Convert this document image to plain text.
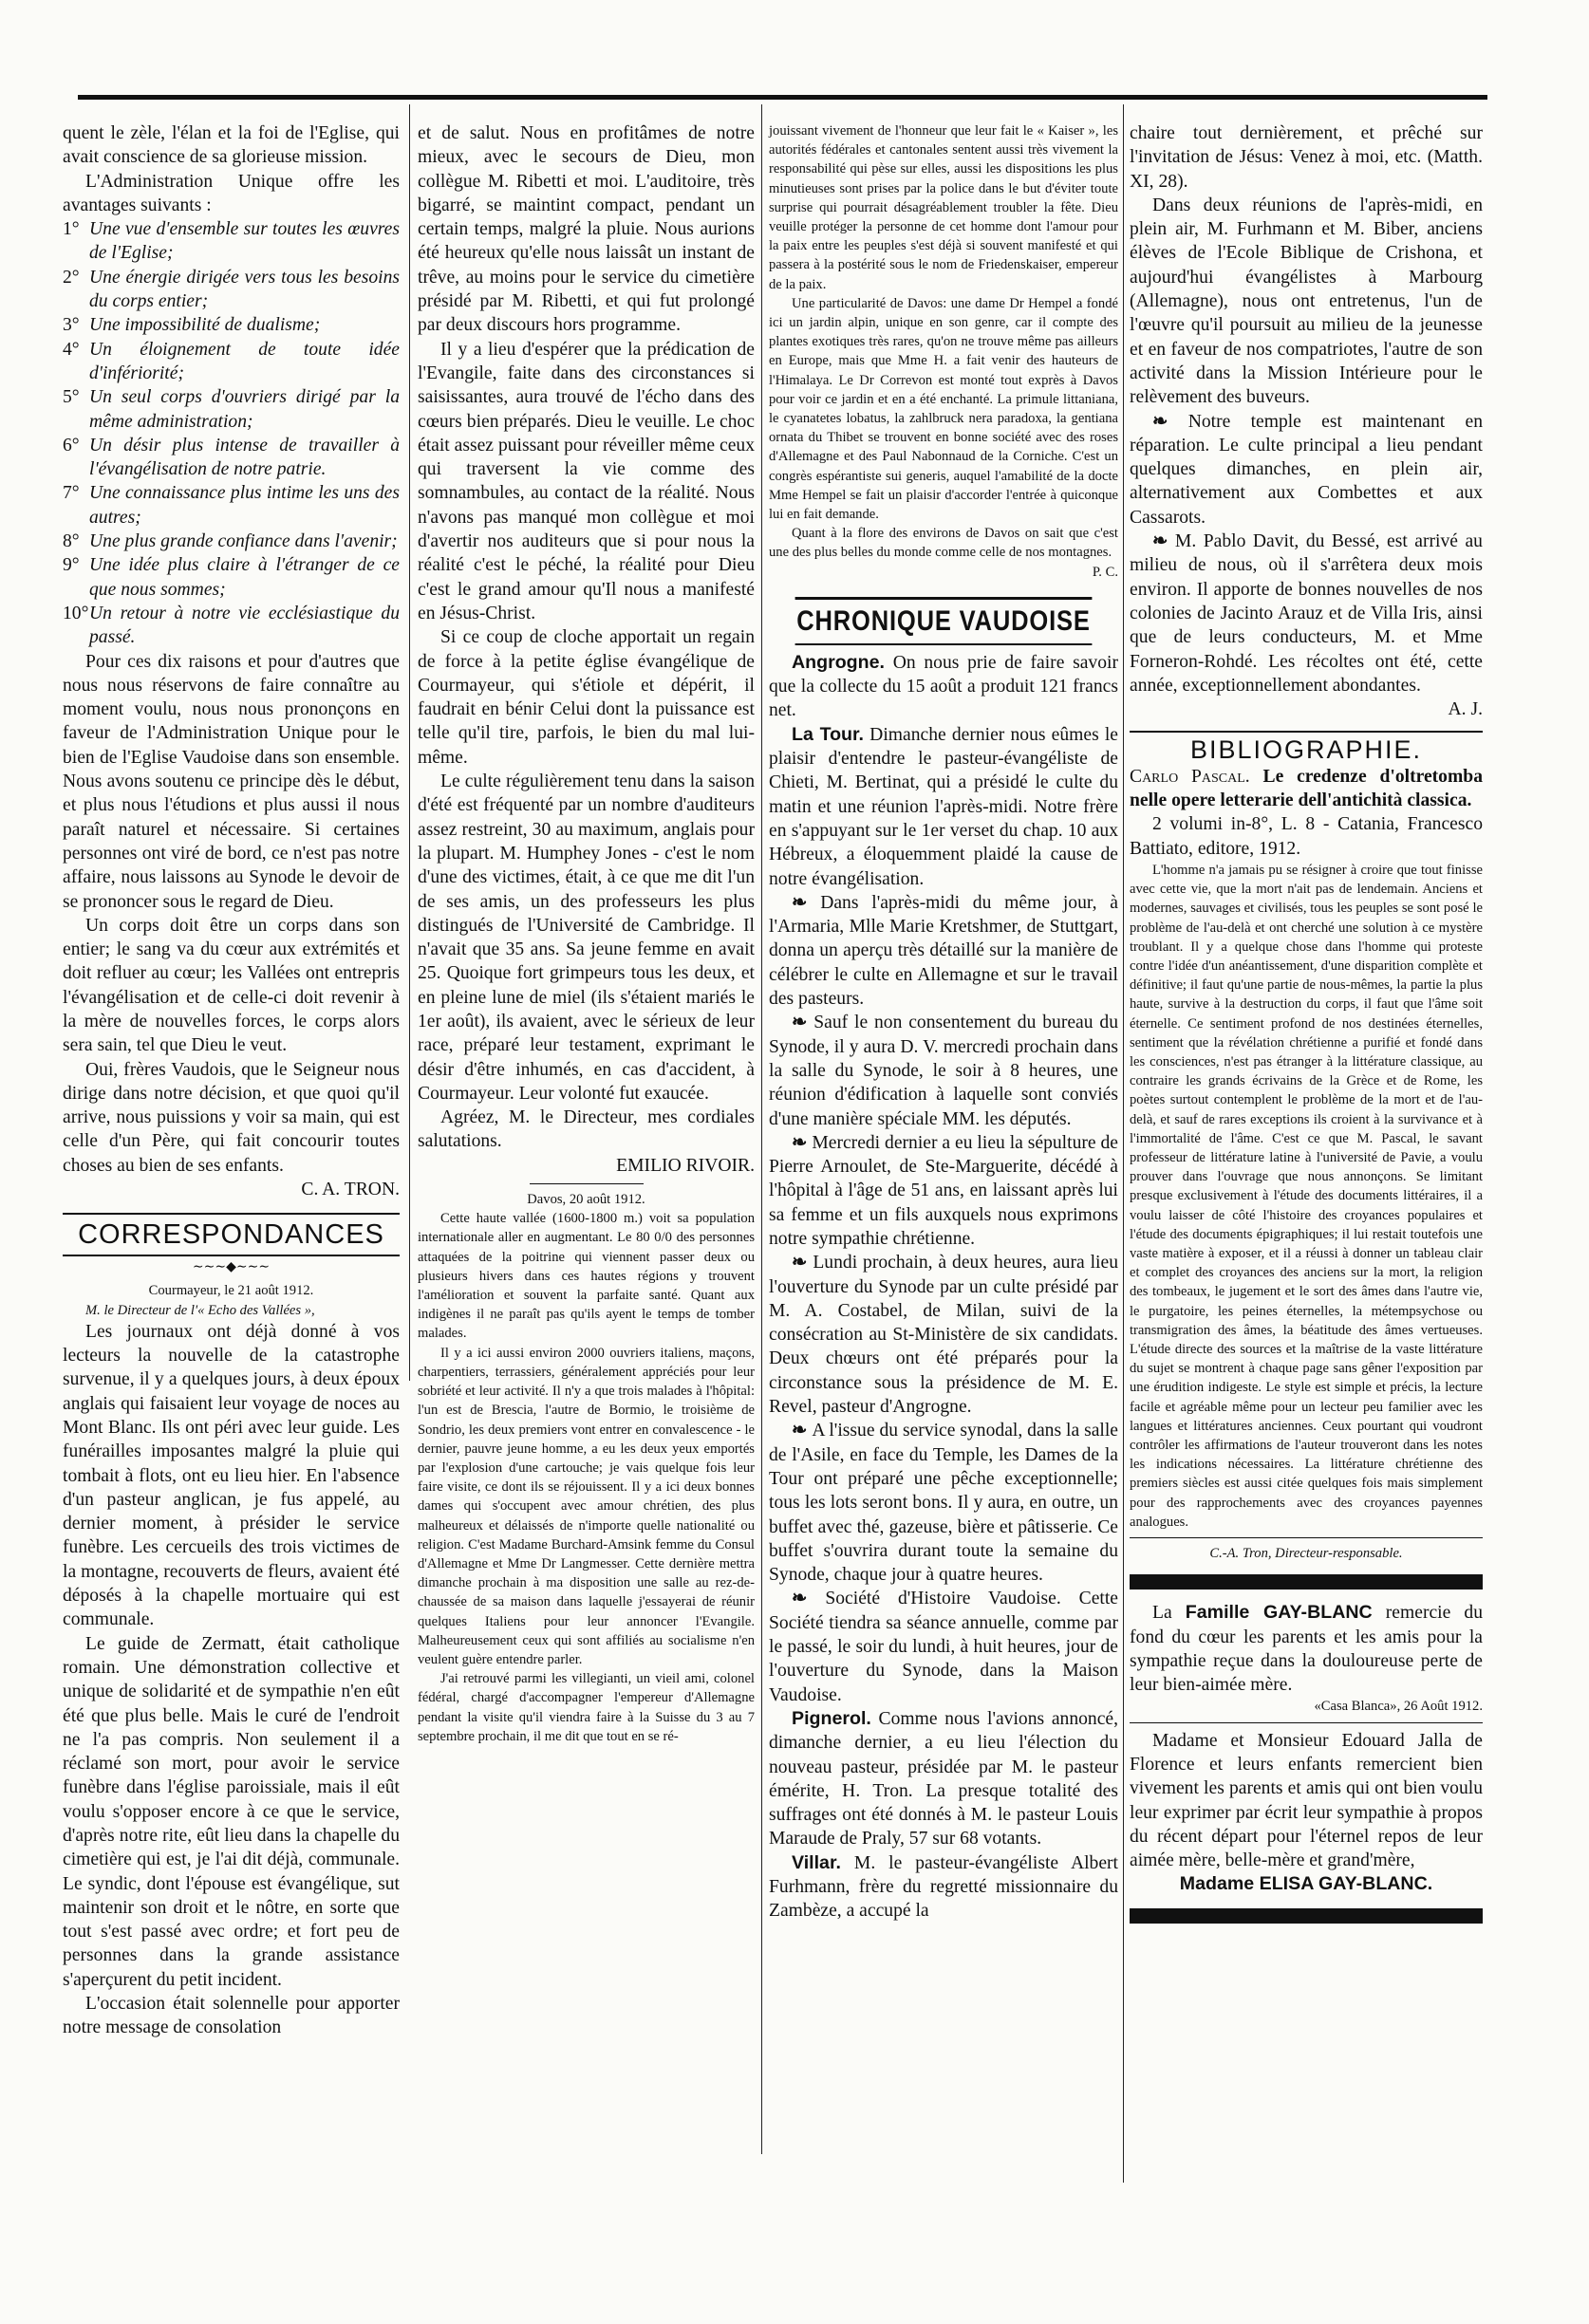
quent le zèle, l'élan et la foi de l'Eglise, qui avait conscience de sa glorieuse mission.

L'Administration Unique offre les avantages suivants :

1° Une vue d'ensemble sur toutes les œuvres de l'Eglise;

2° Une énergie dirigée vers tous les besoins du corps entier;

3° Une impossibilité de dualisme;

4° Un éloignement de toute idée d'infériorité;

5° Un seul corps d'ouvriers dirigé par la même administration;

6° Un désir plus intense de travailler à l'évangélisation de notre patrie.

7° Une connaissance plus intime les uns des autres;

8° Une plus grande confiance dans l'avenir;

9° Une idée plus claire à l'étranger de ce que nous sommes;

10° Un retour à notre vie ecclésiastique du passé.

Pour ces dix raisons et pour d'autres que nous nous réservons de faire connaître au moment voulu, nous nous prononçons en faveur de l'Administration Unique pour le bien de l'Eglise Vaudoise dans son ensemble. Nous avons soutenu ce principe dès le début, et plus nous l'étudions et plus aussi il nous paraît naturel et nécessaire. Si certaines personnes ont viré de bord, ce n'est pas notre affaire, nous laissons au Synode le devoir de se prononcer sous le regard de Dieu.

Un corps doit être un corps dans son entier; le sang va du cœur aux extrémités et doit refluer au cœur; les Vallées ont entrepris l'évangélisation et de celle-ci doit revenir à la mère de nouvelles forces, le corps alors sera sain, tel que Dieu le veut.

Oui, frères Vaudois, que le Seigneur nous dirige dans notre décision, et que quoi qu'il arrive, nous puissions y voir sa main, qui est celle d'un Père, qui fait concourir toutes choses au bien de ses enfants.

C. A. TRON.

CORRESPONDANCES
∼∼∼◆∼∼∼

Courmayeur, le 21 août 1912.

M. le Directeur de l'« Echo des Vallées »,

Les journaux ont déjà donné à vos lecteurs la nouvelle de la catastrophe survenue, il y a quelques jours, à deux époux anglais qui faisaient leur voyage de noces au Mont Blanc. Ils ont péri avec leur guide. Les funérailles imposantes malgré la pluie qui tombait à flots, ont eu lieu hier. En l'absence d'un pasteur anglican, je fus appelé, au dernier moment, à présider le service funèbre. Les cercueils des trois victimes de la montagne, recouverts de fleurs, avaient été déposés à la chapelle mortuaire qui est communale.

Le guide de Zermatt, était catholique romain. Une démonstration collective et unique de solidarité et de sympathie n'en eût été que plus belle. Mais le curé de l'endroit ne l'a pas compris. Non seulement il a réclamé son mort, pour avoir le service funèbre dans l'église paroissiale, mais il eût voulu s'opposer encore à ce que le service, d'après notre rite, eût lieu dans la chapelle du cimetière qui est, je l'ai dit déjà, communale. Le syndic, dont l'épouse est évangélique, sut maintenir son droit et le nôtre, en sorte que tout s'est passé avec ordre; et fort peu de personnes dans la grande assistance s'aperçurent du petit incident.

L'occasion était solennelle pour apporter notre message de consolation

et de salut. Nous en profitâmes de notre mieux, avec le secours de Dieu, mon collègue M. Ribetti et moi. L'auditoire, très bigarré, se maintint compact, pendant un certain temps, malgré la pluie. Nous aurions été heureux qu'elle nous laissât un instant de trêve, au moins pour le service du cimetière présidé par M. Ribetti, et qui fut prolongé par deux discours hors programme.

Il y a lieu d'espérer que la prédication de l'Evangile, faite dans des circonstances si saisissantes, aura trouvé de l'écho dans des cœurs bien préparés. Dieu le veuille. Le choc était assez puissant pour réveiller même ceux qui traversent la vie comme des somnambules, au contact de la réalité. Nous n'avons pas manqué mon collègue et moi d'avertir nos auditeurs que si pour nous la réalité c'est le péché, la réalité pour Dieu c'est le grand amour qu'Il nous a manifesté en Jésus-Christ.

Si ce coup de cloche apportait un regain de force à la petite église évangélique de Courmayeur, qui s'étiole et dépérit, il faudrait en bénir Celui dont la puissance est telle qu'il tire, parfois, le bien du mal lui-même.

Le culte régulièrement tenu dans la saison d'été est fréquenté par un nombre d'auditeurs assez restreint, 30 au maximum, anglais pour la plupart. M. Humphey Jones - c'est le nom d'une des victimes, était, à ce que me dit l'un de ses amis, un des professeurs les plus distingués de l'Université de Cambridge. Il n'avait que 35 ans. Sa jeune femme en avait 25. Quoique fort grimpeurs tous les deux, et en pleine lune de miel (ils s'étaient mariés le 1er août), ils avaient, avec le sérieux de leur race, préparé leur testament, exprimant le désir d'être inhumés, en cas d'accident, à Courmayeur. Leur volonté fut exaucée.

Agréez, M. le Directeur, mes cordiales salutations.

EMILIO RIVOIR.

Davos, 20 août 1912.

Cette haute vallée (1600-1800 m.) voit sa population internationale aller en augmentant. Le 80 0/0 des personnes attaquées de la poitrine qui viennent passer deux ou plusieurs hivers dans ces hautes régions y trouvent l'amélioration et souvent la parfaite santé. Quant aux indigènes il ne paraît pas qu'ils ayent le temps de tomber malades.

Il y a ici aussi environ 2000 ouvriers italiens, maçons, charpentiers, terrassiers, généralement appréciés pour leur sobriété et leur activité. Il n'y a que trois malades à l'hôpital: l'un est de Brescia, l'autre de Bormio, le troisième de Sondrio, les deux premiers vont entrer en convalescence - le dernier, pauvre jeune homme, a eu les deux yeux emportés par l'explosion d'une cartouche; je vais quelque fois leur faire visite, ce dont ils se réjouissent. Il y a ici deux bonnes dames qui s'occupent avec amour chrétien, des plus malheureux et délaissés de n'importe quelle nationalité ou religion. C'est Madame Burchard-Amsink femme du Consul d'Allemagne et Mme Dr Langmesser. Cette dernière mettra dimanche prochain à ma disposition une salle au rez-de-chaussée de sa maison dans laquelle j'essayerai de réunir quelques Italiens pour leur annoncer l'Evangile. Malheureusement ceux qui sont affiliés au socialisme n'en veulent guère entendre parler.

J'ai retrouvé parmi les villegianti, un vieil ami, colonel fédéral, chargé d'accompagner l'empereur d'Allemagne pendant la visite qu'il viendra faire à la Suisse du 3 au 7 septembre prochain, il me dit que tout en se ré-

jouissant vivement de l'honneur que leur fait le « Kaiser », les autorités fédérales et cantonales sentent aussi très vivement la responsabilité qui pèse sur elles, aussi les dispositions les plus minutieuses sont prises par la police dans le but d'éviter toute surprise qui pourrait désagréablement troubler la fête. Dieu veuille protéger la personne de cet homme dont l'amour pour la paix entre les peuples s'est déjà si souvent manifesté et qui passera à la postérité sous le nom de Friedenskaiser, empereur de la paix.

Une particularité de Davos: une dame Dr Hempel a fondé ici un jardin alpin, unique en son genre, car il compte des plantes exotiques très rares, qu'on ne trouve même pas ailleurs en Europe, mais que Mme H. a fait venir des hauteurs de l'Himalaya. Le Dr Correvon est monté tout exprès à Davos pour voir ce jardin et en a été enchanté. La primule littaniana, le cyanatetes lobatus, la zahlbruck nera paradoxa, la gentiana ornata du Thibet se trouvent en bonne société avec des roses d'Allemagne et des Paul Nabonnaud de la Corniche. C'est un congrès espérantiste sui generis, auquel l'amabilité de la docte Mme Hempel se fait un plaisir d'accorder l'entrée à quiconque lui en fait demande.

Quant à la flore des environs de Davos on sait que c'est une des plus belles du monde comme celle de nos montagnes.

P. C.

CHRONIQUE VAUDOISE

Angrogne. On nous prie de faire savoir que la collecte du 15 août a produit 121 francs net.

La Tour. Dimanche dernier nous eûmes le plaisir d'entendre le pasteur-évangéliste de Chieti, M. Bertinat, qui a présidé le culte du matin et une réunion l'après-midi. Notre frère en s'appuyant sur le 1er verset du chap. 10 aux Hébreux, a éloquemment plaidé la cause de notre évangélisation.

❧ Dans l'après-midi du même jour, à l'Armaria, Mlle Marie Kretshmer, de Stuttgart, donna un aperçu très détaillé sur la manière de célébrer le culte en Allemagne et sur le travail des pasteurs.

❧ Sauf le non consentement du bureau du Synode, il y aura D. V. mercredi prochain dans la salle du Synode, le soir à 8 heures, une réunion d'édification à laquelle sont conviés d'une manière spéciale MM. les députés.

❧ Mercredi dernier a eu lieu la sépulture de Pierre Arnoulet, de Ste-Marguerite, décédé à l'hôpital à l'âge de 51 ans, en laissant après lui sa femme et un fils auxquels nous exprimons notre sympathie chrétienne.

❧ Lundi prochain, à deux heures, aura lieu l'ouverture du Synode par un culte présidé par M. A. Costabel, de Milan, suivi de la consécration au St-Ministère de six candidats. Deux chœurs ont été préparés pour la circonstance sous la présidence de M. E. Revel, pasteur d'Angrogne.

❧ A l'issue du service synodal, dans la salle de l'Asile, en face du Temple, les Dames de la Tour ont préparé une pêche exceptionnelle; tous les lots seront bons. Il y aura, en outre, un buffet avec thé, gazeuse, bière et pâtisserie. Ce buffet s'ouvrira durant toute la semaine du Synode, chaque jour à quatre heures.

❧ Société d'Histoire Vaudoise. Cette Société tiendra sa séance annuelle, comme par le passé, le soir du lundi, à huit heures, jour de l'ouverture du Synode, dans la Maison Vaudoise.

Pignerol. Comme nous l'avions annoncé, dimanche dernier, a eu lieu l'élection du nouveau pasteur, présidée par M. le pasteur émérite, H. Tron. La presque totalité des suffrages ont été donnés à M. le pasteur Louis Maraude de Praly, 57 sur 68 votants.

Villar. M. le pasteur-évangéliste Albert Furhmann, frère du regretté missionnaire du Zambèze, a accupé la

chaire tout dernièrement, et prêché sur l'invitation de Jésus: Venez à moi, etc. (Matth. XI, 28).

Dans deux réunions de l'après-midi, en plein air, M. Furhmann et M. Biber, anciens élèves de l'Ecole Biblique de Crishona, et aujourd'hui évangélistes à Marbourg (Allemagne), nous ont entretenus, l'un de l'œuvre qu'il poursuit au milieu de la jeunesse et en faveur de nos compatriotes, l'autre de son activité dans la Mission Intérieure pour le relèvement des buveurs.

❧ Notre temple est maintenant en réparation. Le culte principal a lieu pendant quelques dimanches, en plein air, alternativement aux Combettes et aux Cassarots.

❧ M. Pablo Davit, du Bessé, est arrivé au milieu de nous, où il s'arrêtera deux mois environ. Il apporte de bonnes nouvelles de nos colonies de Jacinto Arauz et de Villa Iris, ainsi que de leurs conducteurs, M. et Mme Forneron-Rohdé. Les récoltes ont été, cette année, exceptionnellement abondantes.

A. J.

BIBLIOGRAPHIE.

Carlo Pascal. Le credenze d'oltretomba nelle opere letterarie dell'antichità classica.

2 volumi in-8°, L. 8 - Catania, Francesco Battiato, editore, 1912.

L'homme n'a jamais pu se résigner à croire que tout finisse avec cette vie, que la mort n'ait pas de lendemain. Anciens et modernes, sauvages et civilisés, tous les peuples se sont posé le problème de l'au-delà et ont cherché une solution à ce mystère troublant. Il y a quelque chose dans l'homme qui proteste contre l'idée d'un anéantissement, d'une disparition complète et définitive; il faut qu'une partie de nous-mêmes, la partie la plus haute, survive à la destruction du corps, il faut que l'âme soit éternelle. Ce sentiment profond de nos destinées éternelles, sentiment que la révélation chrétienne a purifié et fondé dans les consciences, n'est pas étranger à la littérature classique, au contraire les grands écrivains de la Grèce et de Rome, les poètes surtout contemplent le problème de la mort et de l'au-delà, et sauf de rares exceptions ils croient à la survivance et à l'immortalité de l'âme. C'est ce que M. Pascal, le savant professeur de littérature latine à l'université de Pavie, a voulu prouver dans l'ouvrage que nous annonçons. Se limitant presque exclusivement à l'étude des documents littéraires, il a voulu laisser de côté l'histoire des croyances populaires et l'étude des documents épigraphiques; il lui restait toutefois une vaste matière à exposer, et il a réussi à donner un tableau clair et complet des croyances des anciens sur la mort, la religion des tombeaux, le jugement et le sort des âmes dans l'autre vie, le purgatoire, les peines éternelles, la métempsychose ou transmigration des âmes, la béatitude des âmes vertueuses. L'étude directe des sources et la maîtrise de la vaste littérature du sujet se montrent à chaque page sans gêner l'exposition par une érudition indigeste. Le style est simple et précis, la lecture facile et agréable même pour un lecteur peu familier avec les langues et littératures anciennes. Ceux pourtant qui voudront contrôler les affirmations de l'auteur trouveront dans les notes les indications nécessaires. La littérature chrétienne des premiers siècles est aussi citée quelques fois mais simplement pour des rapprochements avec des croyances payennes analogues.

C.-A. Tron, Directeur-responsable.

La Famille GAY-BLANC remercie du fond du cœur les parents et les amis pour la sympathie reçue dans la douloureuse perte de leur bien-aimée mère.

«Casa Blanca», 26 Août 1912.

Madame et Monsieur Edouard Jalla de Florence et leurs enfants remercient bien vivement les parents et amis qui ont bien voulu leur exprimer par écrit leur sympathie à propos du récent départ pour l'éternel repos de leur aimée mère, belle-mère et grand'mère,

Madame ELISA GAY-BLANC.
